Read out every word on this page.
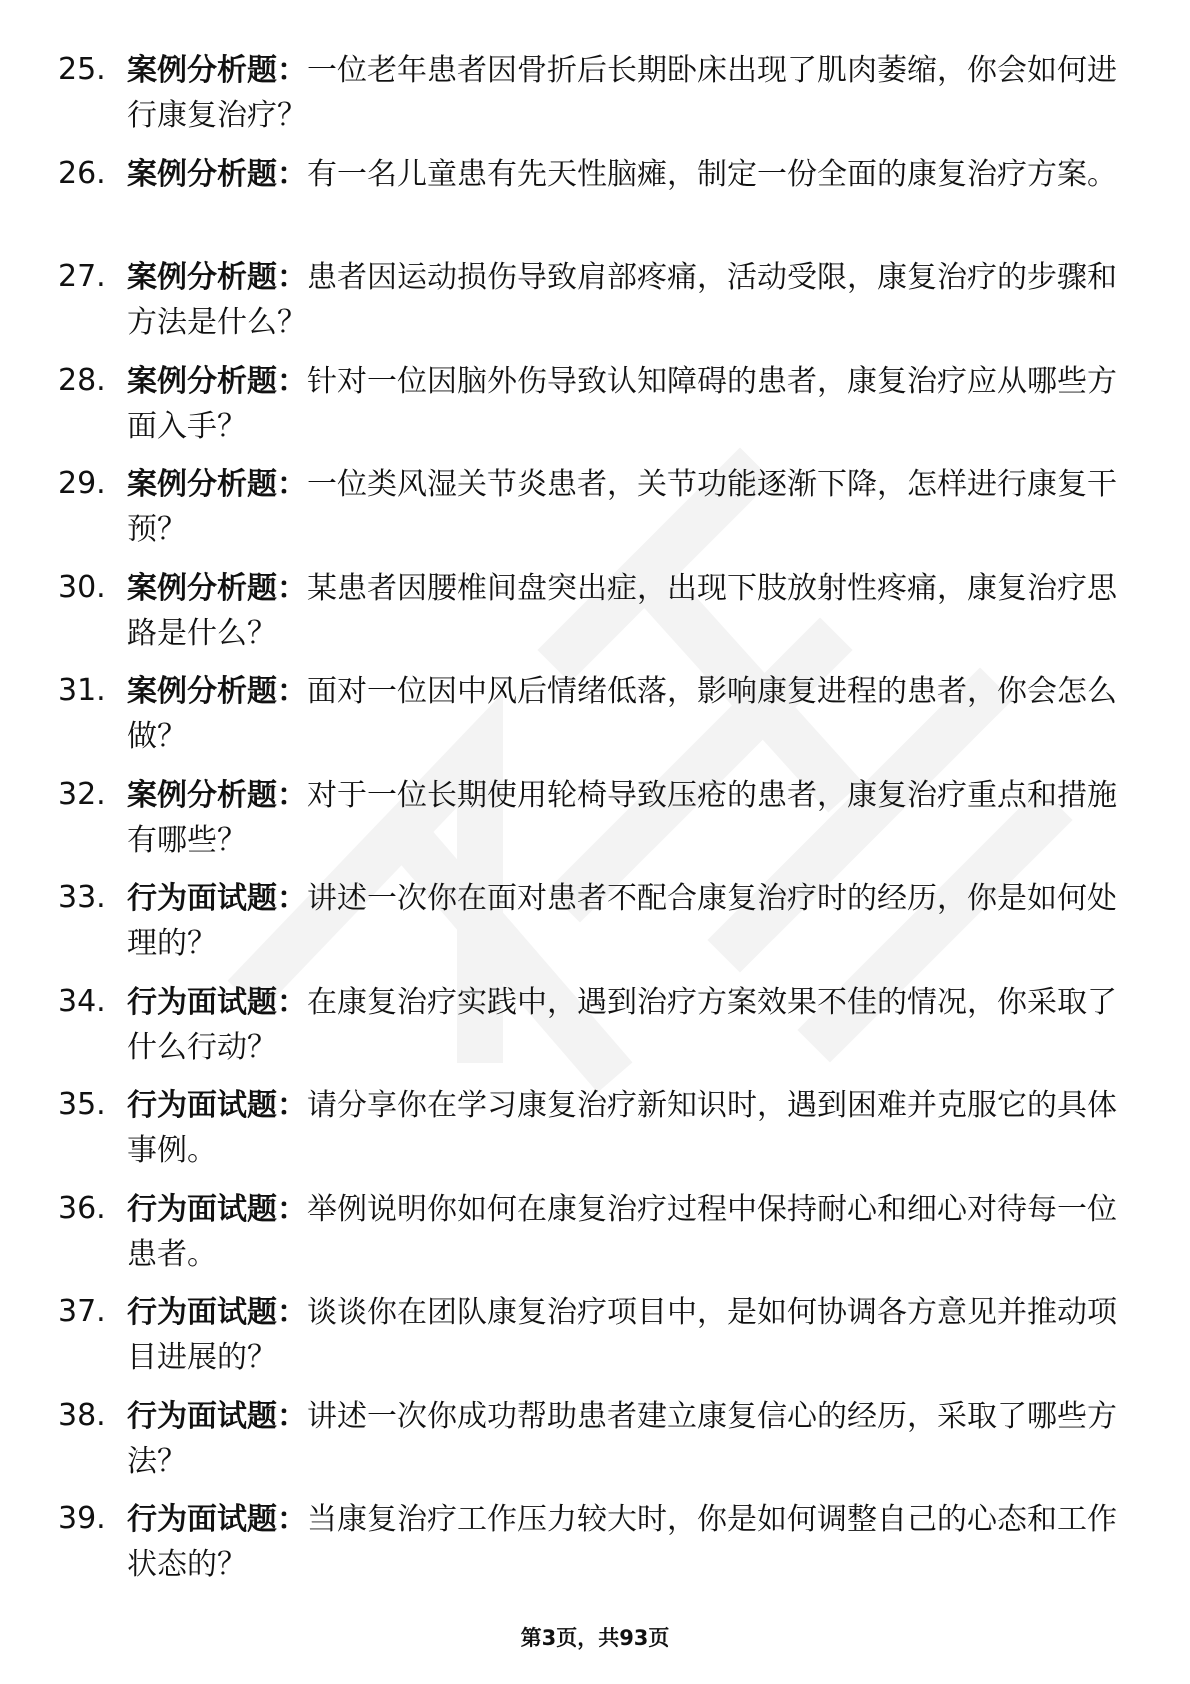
25. 案例分析题：一位老年患者因骨折后长期卧床出现了肌肉萎缩，你会如何进行康复治疗？
26. 案例分析题：有一名儿童患有先天性脑瘫，制定一份全面的康复治疗方案。
27. 案例分析题：患者因运动损伤导致肩部疼痛，活动受限，康复治疗的步骤和方法是什么？
28. 案例分析题：针对一位因脑外伤导致认知障碍的患者，康复治疗应从哪些方面入手？
29. 案例分析题：一位类风湿关节炎患者，关节功能逐渐下降，怎样进行康复干预？
30. 案例分析题：某患者因腰椎间盘突出症，出现下肢放射性疼痛，康复治疗思路是什么？
31. 案例分析题：面对一位因中风后情绪低落，影响康复进程的患者，你会怎么做？
32. 案例分析题：对于一位长期使用轮椅导致压疮的患者，康复治疗重点和措施有哪些？
33. 行为面试题：讲述一次你在面对患者不配合康复治疗时的经历，你是如何处理的？
34. 行为面试题：在康复治疗实践中，遇到治疗方案效果不佳的情况，你采取了什么行动？
35. 行为面试题：请分享你在学习康复治疗新知识时，遇到困难并克服它的具体事例。
36. 行为面试题：举例说明你如何在康复治疗过程中保持耐心和细心对待每一位患者。
37. 行为面试题：谈谈你在团队康复治疗项目中，是如何协调各方意见并推动项目进展的？
38. 行为面试题：讲述一次你成功帮助患者建立康复信心的经历，采取了哪些方法？
39. 行为面试题：当康复治疗工作压力较大时，你是如何调整自己的心态和工作状态的？
第3页，共93页
